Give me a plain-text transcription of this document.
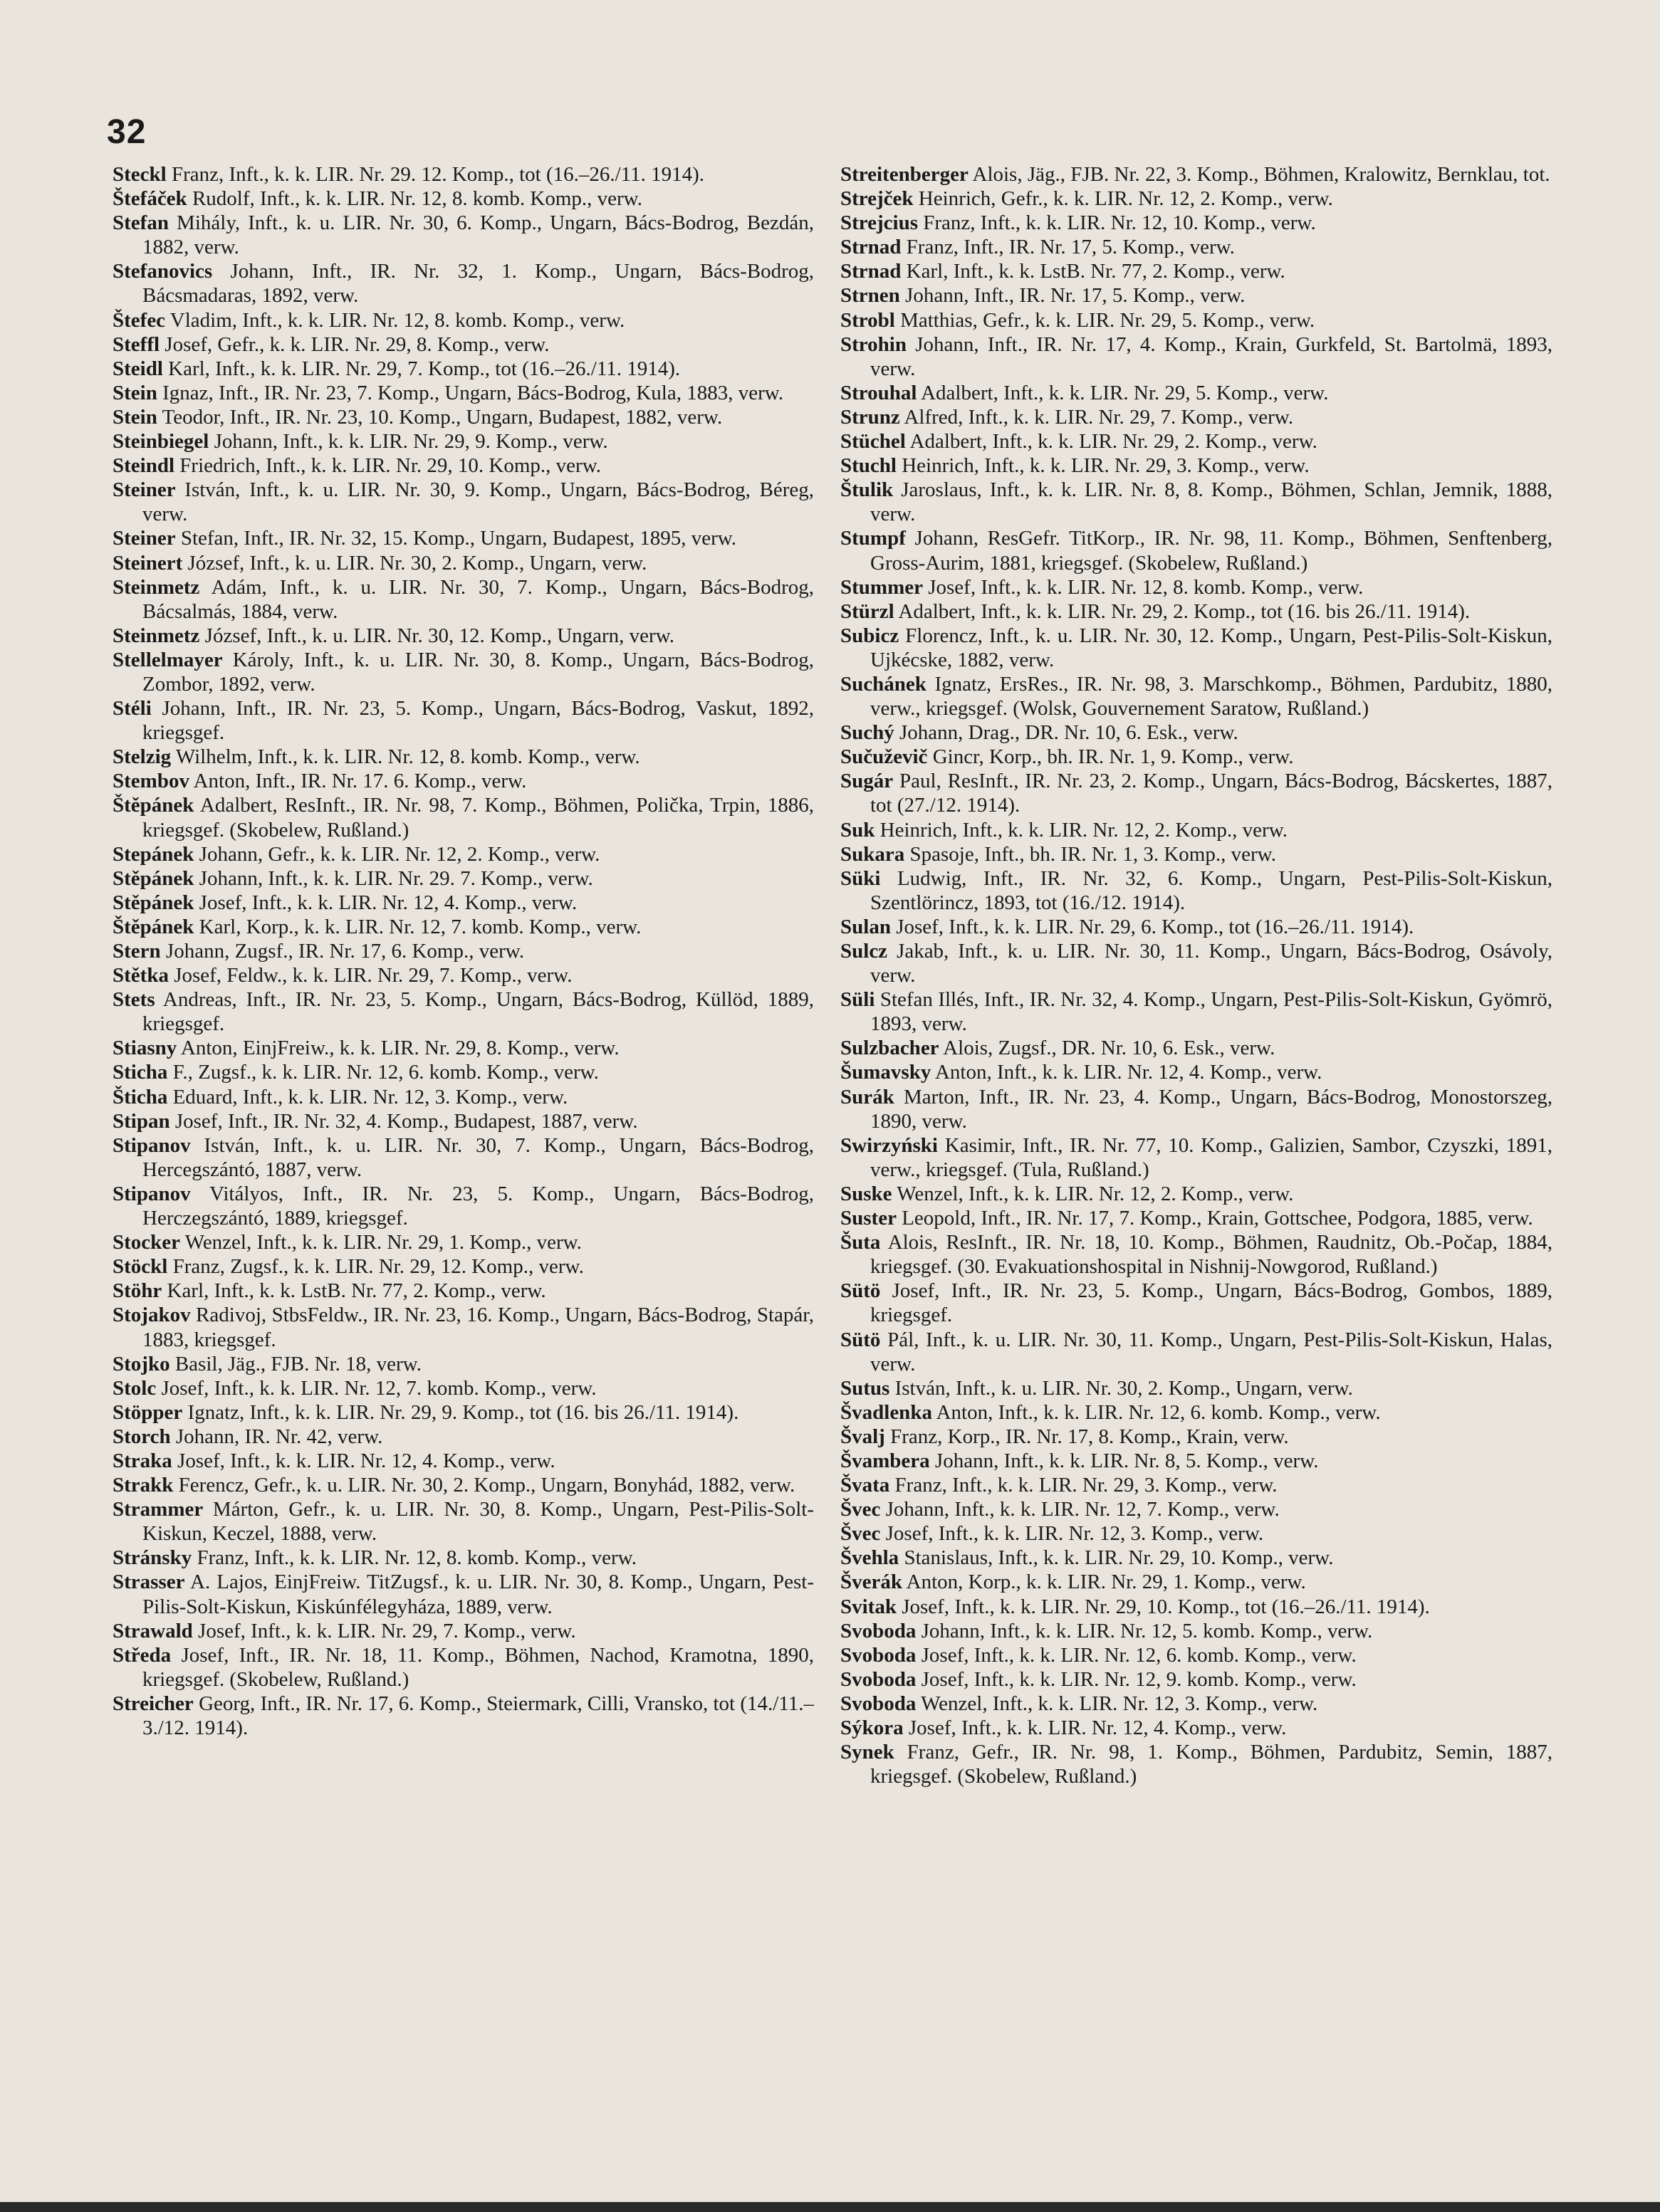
32

Steckl Franz, Inft., k. k. LIR. Nr. 29. 12. Komp., tot (16.–26./11. 1914).

Štefáček Rudolf, Inft., k. k. LIR. Nr. 12, 8. komb. Komp., verw.

Stefan Mihály, Inft., k. u. LIR. Nr. 30, 6. Komp., Ungarn, Bács-Bodrog, Bezdán, 1882, verw.

Stefanovics Johann, Inft., IR. Nr. 32, 1. Komp., Ungarn, Bács-Bodrog, Bácsmadaras, 1892, verw.

Štefec Vladim, Inft., k. k. LIR. Nr. 12, 8. komb. Komp., verw.

Steffl Josef, Gefr., k. k. LIR. Nr. 29, 8. Komp., verw.

Steidl Karl, Inft., k. k. LIR. Nr. 29, 7. Komp., tot (16.–26./11. 1914).

Stein Ignaz, Inft., IR. Nr. 23, 7. Komp., Ungarn, Bács-Bodrog, Kula, 1883, verw.

Stein Teodor, Inft., IR. Nr. 23, 10. Komp., Ungarn, Budapest, 1882, verw.

Steinbiegel Johann, Inft., k. k. LIR. Nr. 29, 9. Komp., verw.

Steindl Friedrich, Inft., k. k. LIR. Nr. 29, 10. Komp., verw.

Steiner István, Inft., k. u. LIR. Nr. 30, 9. Komp., Ungarn, Bács-Bodrog, Béreg, verw.

Steiner Stefan, Inft., IR. Nr. 32, 15. Komp., Ungarn, Budapest, 1895, verw.

Steinert József, Inft., k. u. LIR. Nr. 30, 2. Komp., Ungarn, verw.

Steinmetz Adám, Inft., k. u. LIR. Nr. 30, 7. Komp., Ungarn, Bács-Bodrog, Bácsalmás, 1884, verw.

Steinmetz József, Inft., k. u. LIR. Nr. 30, 12. Komp., Ungarn, verw.

Stellelmayer Károly, Inft., k. u. LIR. Nr. 30, 8. Komp., Ungarn, Bács-Bodrog, Zombor, 1892, verw.

Stéli Johann, Inft., IR. Nr. 23, 5. Komp., Ungarn, Bács-Bodrog, Vaskut, 1892, kriegsgef.

Stelzig Wilhelm, Inft., k. k. LIR. Nr. 12, 8. komb. Komp., verw.

Stembov Anton, Inft., IR. Nr. 17. 6. Komp., verw.

Štěpánek Adalbert, ResInft., IR. Nr. 98, 7. Komp., Böhmen, Polička, Trpin, 1886, kriegsgef. (Skobelew, Rußland.)

Stepánek Johann, Gefr., k. k. LIR. Nr. 12, 2. Komp., verw.

Stěpánek Johann, Inft., k. k. LIR. Nr. 29. 7. Komp., verw.

Stěpánek Josef, Inft., k. k. LIR. Nr. 12, 4. Komp., verw.

Štěpánek Karl, Korp., k. k. LIR. Nr. 12, 7. komb. Komp., verw.

Stern Johann, Zugsf., IR. Nr. 17, 6. Komp., verw.

Stětka Josef, Feldw., k. k. LIR. Nr. 29, 7. Komp., verw.

Stets Andreas, Inft., IR. Nr. 23, 5. Komp., Ungarn, Bács-Bodrog, Küllöd, 1889, kriegsgef.

Stiasny Anton, EinjFreiw., k. k. LIR. Nr. 29, 8. Komp., verw.

Sticha F., Zugsf., k. k. LIR. Nr. 12, 6. komb. Komp., verw.

Šticha Eduard, Inft., k. k. LIR. Nr. 12, 3. Komp., verw.

Stipan Josef, Inft., IR. Nr. 32, 4. Komp., Budapest, 1887, verw.

Stipanov István, Inft., k. u. LIR. Nr. 30, 7. Komp., Ungarn, Bács-Bodrog, Hercegszántó, 1887, verw.

Stipanov Vitályos, Inft., IR. Nr. 23, 5. Komp., Ungarn, Bács-Bodrog, Herczegszántó, 1889, kriegsgef.

Stocker Wenzel, Inft., k. k. LIR. Nr. 29, 1. Komp., verw.

Stöckl Franz, Zugsf., k. k. LIR. Nr. 29, 12. Komp., verw.

Stöhr Karl, Inft., k. k. LstB. Nr. 77, 2. Komp., verw.

Stojakov Radivoj, StbsFeldw., IR. Nr. 23, 16. Komp., Ungarn, Bács-Bodrog, Stapár, 1883, kriegsgef.

Stojko Basil, Jäg., FJB. Nr. 18, verw.

Stolc Josef, Inft., k. k. LIR. Nr. 12, 7. komb. Komp., verw.

Stöpper Ignatz, Inft., k. k. LIR. Nr. 29, 9. Komp., tot (16. bis 26./11. 1914).

Storch Johann, IR. Nr. 42, verw.

Straka Josef, Inft., k. k. LIR. Nr. 12, 4. Komp., verw.

Strakk Ferencz, Gefr., k. u. LIR. Nr. 30, 2. Komp., Ungarn, Bonyhád, 1882, verw.

Strammer Márton, Gefr., k. u. LIR. Nr. 30, 8. Komp., Ungarn, Pest-Pilis-Solt-Kiskun, Keczel, 1888, verw.

Stránsky Franz, Inft., k. k. LIR. Nr. 12, 8. komb. Komp., verw.

Strasser A. Lajos, EinjFreiw. TitZugsf., k. u. LIR. Nr. 30, 8. Komp., Ungarn, Pest-Pilis-Solt-Kiskun, Kiskúnfélegyháza, 1889, verw.

Strawald Josef, Inft., k. k. LIR. Nr. 29, 7. Komp., verw.

Středa Josef, Inft., IR. Nr. 18, 11. Komp., Böhmen, Nachod, Kramotna, 1890, kriegsgef. (Skobelew, Rußland.)

Streicher Georg, Inft., IR. Nr. 17, 6. Komp., Steiermark, Cilli, Vransko, tot (14./11.–3./12. 1914).

Streitenberger Alois, Jäg., FJB. Nr. 22, 3. Komp., Böhmen, Kralowitz, Bernklau, tot.

Strejček Heinrich, Gefr., k. k. LIR. Nr. 12, 2. Komp., verw.

Strejcius Franz, Inft., k. k. LIR. Nr. 12, 10. Komp., verw.

Strnad Franz, Inft., IR. Nr. 17, 5. Komp., verw.

Strnad Karl, Inft., k. k. LstB. Nr. 77, 2. Komp., verw.

Strnen Johann, Inft., IR. Nr. 17, 5. Komp., verw.

Strobl Matthias, Gefr., k. k. LIR. Nr. 29, 5. Komp., verw.

Strohin Johann, Inft., IR. Nr. 17, 4. Komp., Krain, Gurkfeld, St. Bartolmä, 1893, verw.

Strouhal Adalbert, Inft., k. k. LIR. Nr. 29, 5. Komp., verw.

Strunz Alfred, Inft., k. k. LIR. Nr. 29, 7. Komp., verw.

Stüchel Adalbert, Inft., k. k. LIR. Nr. 29, 2. Komp., verw.

Stuchl Heinrich, Inft., k. k. LIR. Nr. 29, 3. Komp., verw.

Štulik Jaroslaus, Inft., k. k. LIR. Nr. 8, 8. Komp., Böhmen, Schlan, Jemnik, 1888, verw.

Stumpf Johann, ResGefr. TitKorp., IR. Nr. 98, 11. Komp., Böhmen, Senftenberg, Gross-Aurim, 1881, kriegsgef. (Skobelew, Rußland.)

Stummer Josef, Inft., k. k. LIR. Nr. 12, 8. komb. Komp., verw.

Stürzl Adalbert, Inft., k. k. LIR. Nr. 29, 2. Komp., tot (16. bis 26./11. 1914).

Subicz Florencz, Inft., k. u. LIR. Nr. 30, 12. Komp., Ungarn, Pest-Pilis-Solt-Kiskun, Ujkécske, 1882, verw.

Suchánek Ignatz, ErsRes., IR. Nr. 98, 3. Marschkomp., Böhmen, Pardubitz, 1880, verw., kriegsgef. (Wolsk, Gouvernement Saratow, Rußland.)

Suchý Johann, Drag., DR. Nr. 10, 6. Esk., verw.

Sučuževič Gincr, Korp., bh. IR. Nr. 1, 9. Komp., verw.

Sugár Paul, ResInft., IR. Nr. 23, 2. Komp., Ungarn, Bács-Bodrog, Bácskertes, 1887, tot (27./12. 1914).

Suk Heinrich, Inft., k. k. LIR. Nr. 12, 2. Komp., verw.

Sukara Spasoje, Inft., bh. IR. Nr. 1, 3. Komp., verw.

Süki Ludwig, Inft., IR. Nr. 32, 6. Komp., Ungarn, Pest-Pilis-Solt-Kiskun, Szentlörincz, 1893, tot (16./12. 1914).

Sulan Josef, Inft., k. k. LIR. Nr. 29, 6. Komp., tot (16.–26./11. 1914).

Sulcz Jakab, Inft., k. u. LIR. Nr. 30, 11. Komp., Ungarn, Bács-Bodrog, Osávoly, verw.

Süli Stefan Illés, Inft., IR. Nr. 32, 4. Komp., Ungarn, Pest-Pilis-Solt-Kiskun, Gyömrö, 1893, verw.

Sulzbacher Alois, Zugsf., DR. Nr. 10, 6. Esk., verw.

Šumavsky Anton, Inft., k. k. LIR. Nr. 12, 4. Komp., verw.

Surák Marton, Inft., IR. Nr. 23, 4. Komp., Ungarn, Bács-Bodrog, Monostorszeg, 1890, verw.

Swirzyński Kasimir, Inft., IR. Nr. 77, 10. Komp., Galizien, Sambor, Czyszki, 1891, verw., kriegsgef. (Tula, Rußland.)

Suske Wenzel, Inft., k. k. LIR. Nr. 12, 2. Komp., verw.

Suster Leopold, Inft., IR. Nr. 17, 7. Komp., Krain, Gottschee, Podgora, 1885, verw.

Šuta Alois, ResInft., IR. Nr. 18, 10. Komp., Böhmen, Raudnitz, Ob.-Počap, 1884, kriegsgef. (30. Evakuationshospital in Nishnij-Nowgorod, Rußland.)

Sütö Josef, Inft., IR. Nr. 23, 5. Komp., Ungarn, Bács-Bodrog, Gombos, 1889, kriegsgef.

Sütö Pál, Inft., k. u. LIR. Nr. 30, 11. Komp., Ungarn, Pest-Pilis-Solt-Kiskun, Halas, verw.

Sutus István, Inft., k. u. LIR. Nr. 30, 2. Komp., Ungarn, verw.

Švadlenka Anton, Inft., k. k. LIR. Nr. 12, 6. komb. Komp., verw.

Švalj Franz, Korp., IR. Nr. 17, 8. Komp., Krain, verw.

Švambera Johann, Inft., k. k. LIR. Nr. 8, 5. Komp., verw.

Švata Franz, Inft., k. k. LIR. Nr. 29, 3. Komp., verw.

Švec Johann, Inft., k. k. LIR. Nr. 12, 7. Komp., verw.

Švec Josef, Inft., k. k. LIR. Nr. 12, 3. Komp., verw.

Švehla Stanislaus, Inft., k. k. LIR. Nr. 29, 10. Komp., verw.

Šverák Anton, Korp., k. k. LIR. Nr. 29, 1. Komp., verw.

Svitak Josef, Inft., k. k. LIR. Nr. 29, 10. Komp., tot (16.–26./11. 1914).

Svoboda Johann, Inft., k. k. LIR. Nr. 12, 5. komb. Komp., verw.

Svoboda Josef, Inft., k. k. LIR. Nr. 12, 6. komb. Komp., verw.

Svoboda Josef, Inft., k. k. LIR. Nr. 12, 9. komb. Komp., verw.

Svoboda Wenzel, Inft., k. k. LIR. Nr. 12, 3. Komp., verw.

Sýkora Josef, Inft., k. k. LIR. Nr. 12, 4. Komp., verw.

Synek Franz, Gefr., IR. Nr. 98, 1. Komp., Böhmen, Pardubitz, Semin, 1887, kriegsgef. (Skobelew, Rußland.)
